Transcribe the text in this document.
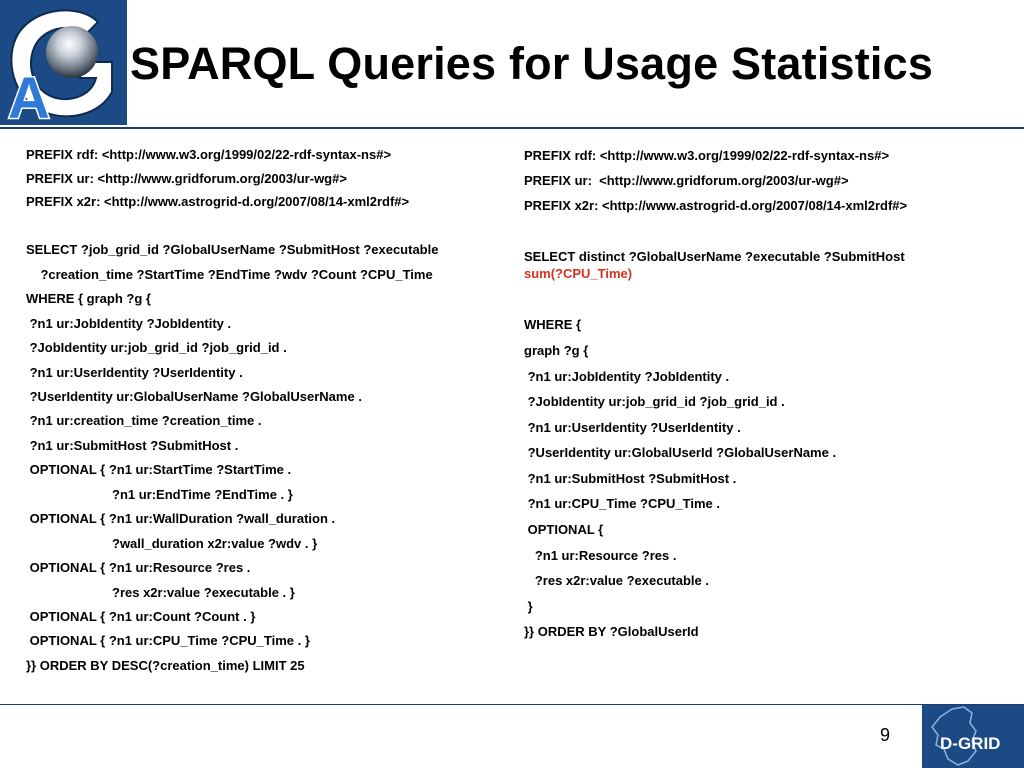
A
SPARQL Queries for Usage Statistics
PREFIX rdf: <http://www.w3.org/1999/02/22-rdf-syntax-ns#>
PREFIX ur: <http://www.gridforum.org/2003/ur-wg#>
PREFIX x2r: <http://www.astrogrid-d.org/2007/08/14-xml2rdf#>
SELECT ?job_grid_id ?GlobalUserName ?SubmitHost ?executable
?creation_time ?StartTime ?EndTime ?wdv ?Count ?CPU_Time
WHERE { graph ?g {
?n1 ur:JobIdentity ?JobIdentity .
?JobIdentity ur:job_grid_id ?job_grid_id .
?n1 ur:UserIdentity ?UserIdentity .
?UserIdentity ur:GlobalUserName ?GlobalUserName .
?n1 ur:creation_time ?creation_time .
?n1 ur:SubmitHost ?SubmitHost .
OPTIONAL { ?n1 ur:StartTime ?StartTime .
?n1 ur:EndTime ?EndTime . }
OPTIONAL { ?n1 ur:WallDuration ?wall_duration .
?wall_duration x2r:value ?wdv . }
OPTIONAL { ?n1 ur:Resource ?res .
?res x2r:value ?executable . }
OPTIONAL { ?n1 ur:Count ?Count . }
OPTIONAL { ?n1 ur:CPU_Time ?CPU_Time . }
}} ORDER BY DESC(?creation_time) LIMIT 25
PREFIX rdf: <http://www.w3.org/1999/02/22-rdf-syntax-ns#>
PREFIX ur:  <http://www.gridforum.org/2003/ur-wg#>
PREFIX x2r: <http://www.astrogrid-d.org/2007/08/14-xml2rdf#>
SELECT distinct ?GlobalUserName ?executable ?SubmitHost
sum(?CPU_Time)
WHERE {
graph ?g {
?n1 ur:JobIdentity ?JobIdentity .
?JobIdentity ur:job_grid_id ?job_grid_id .
?n1 ur:UserIdentity ?UserIdentity .
?UserIdentity ur:GlobalUserId ?GlobalUserName .
?n1 ur:SubmitHost ?SubmitHost .
?n1 ur:CPU_Time ?CPU_Time .
OPTIONAL {
?n1 ur:Resource ?res .
?res x2r:value ?executable .
}
}} ORDER BY ?GlobalUserId
9	D-GRID
